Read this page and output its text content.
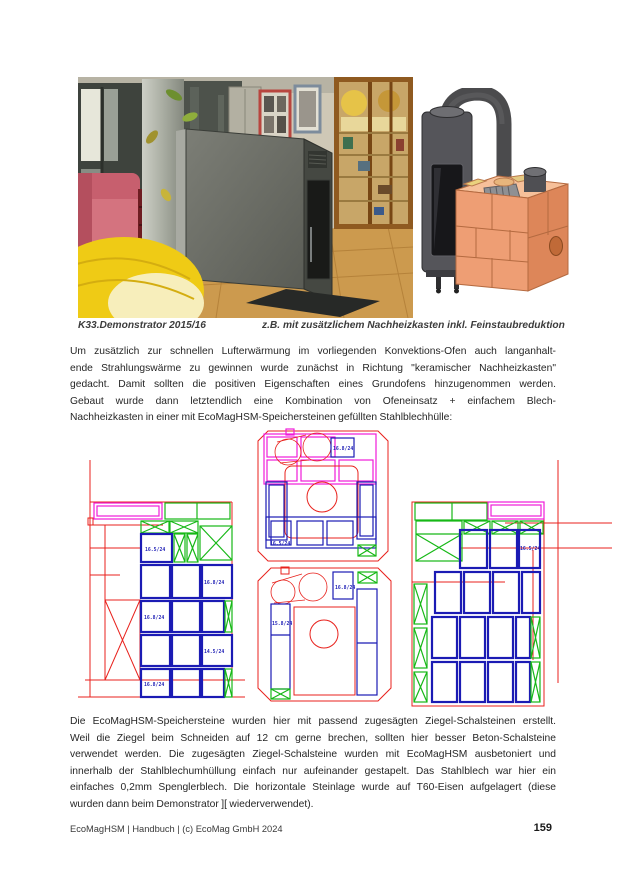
K33.Demonstrator 2015/16	z.B. mit zusätzlichem Nachheizkasten inkl. Feinstaubreduktion
Um zusätzlich zur schnellen Lufterwärmung im vorliegenden Konvektions-Ofen auch langanhalt-
ende Strahlungswärme zu gewinnen wurde zunächst in Richtung "keramischer Nachheizkasten"
gedacht. Damit sollten die positiven Eigenschaften eines Grundofens hinzugenommen werden.
Gebaut wurde dann letztendlich eine Kombination von Ofeneinsatz + einfachem Blech-
Nachheizkasten in einer mit EcoMagHSM-Speichersteinen gefüllten Stahlblechhülle:
16.5/24
16.8/24
16.8/24
14.5/24
16.8/24
16.8/24
16.5/24
16.8/24
15.8/24
16.5/24
Die EcoMagHSM-Speichersteine wurden hier mit passend zugesägten Ziegel-Schalsteinen erstellt.
Weil die Ziegel beim Schneiden auf 12 cm gerne brechen, sollten hier besser Beton-Schalsteine
verwendet werden. Die zugesägten Ziegel-Schalsteine wurden mit EcoMagHSM ausbetoniert und
innerhalb der Stahlblechumhüllung einfach nur aufeinander gestapelt. Das Stahlblech war hier ein
einfaches 0,2mm Spenglerblech. Die horizontale Steinlage wurde auf T60-Eisen aufgelagert (diese
wurden dann beim Demonstrator ][ wiederverwendet).
EcoMagHSM | Handbuch | (c) EcoMag GmbH 2024	159
